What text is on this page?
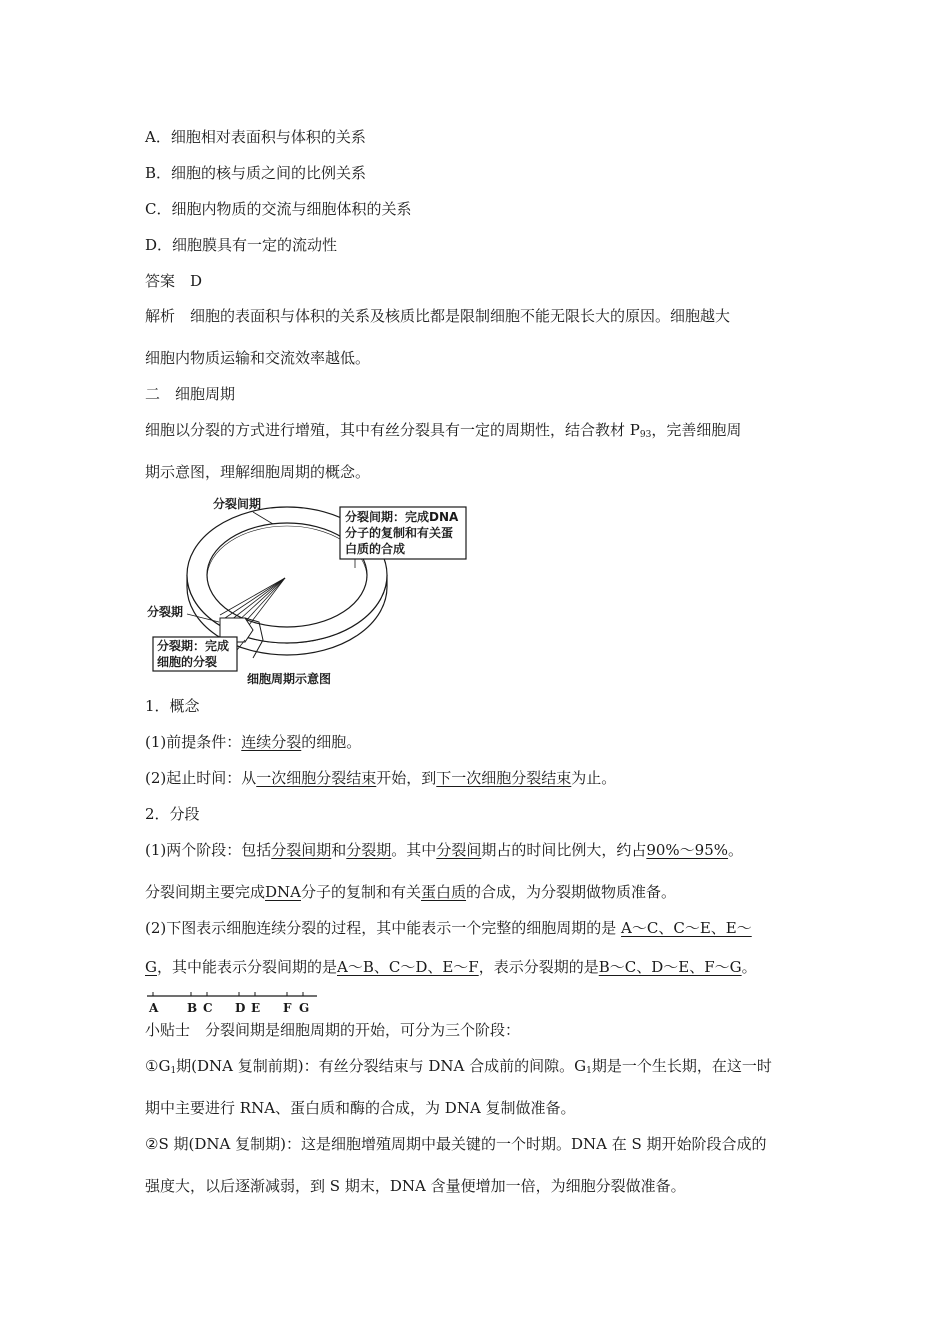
A．细胞相对表面积与体积的关系
B．细胞的核与质之间的比例关系
C．细胞内物质的交流与细胞体积的关系
D．细胞膜具有一定的流动性
答案　D
解析　细胞的表面积与体积的关系及核质比都是限制细胞不能无限长大的原因。细胞越大
细胞内物质运输和交流效率越低。
二　细胞周期
细胞以分裂的方式进行增殖，其中有丝分裂具有一定的周期性，结合教材 $P_{93}$，完善细胞周
期示意图，理解细胞周期的概念。
分裂间期
分裂间期：完成DNA
分子的复制和有关蛋
白质的合成
分裂期
分裂期：完成
细胞的分裂
细胞周期示意图
1．概念
(1)前提条件：连续分裂的细胞。
(2)起止时间：从一次细胞分裂结束开始，到下一次细胞分裂结束为止。
2．分段
(1)两个阶段：包括分裂间期和分裂期。其中分裂间期占的时间比例大，约占90%～95%。
分裂间期主要完成DNA分子的复制和有关蛋白质的合成，为分裂期做物质准备。
(2)下图表示细胞连续分裂的过程，其中能表示一个完整的细胞周期的是 A～C、C～E、E～
G，其中能表示分裂间期的是A～B、C～D、E～F，表示分裂期的是B～C、D～E、F～G。
A B C D E F G
小贴士　分裂间期是细胞周期的开始，可分为三个阶段：
$①G_1$期(DNA 复制前期)：有丝分裂结束与 DNA 合成前的间隙。$G_1$期是一个生长期，在这一时
期中主要进行 RNA、蛋白质和酶的合成，为 DNA 复制做准备。
②S 期(DNA 复制期)：这是细胞增殖周期中最关键的一个时期。DNA 在 S 期开始阶段合成的
强度大，以后逐渐减弱，到 S 期末，DNA 含量便增加一倍，为细胞分裂做准备。
